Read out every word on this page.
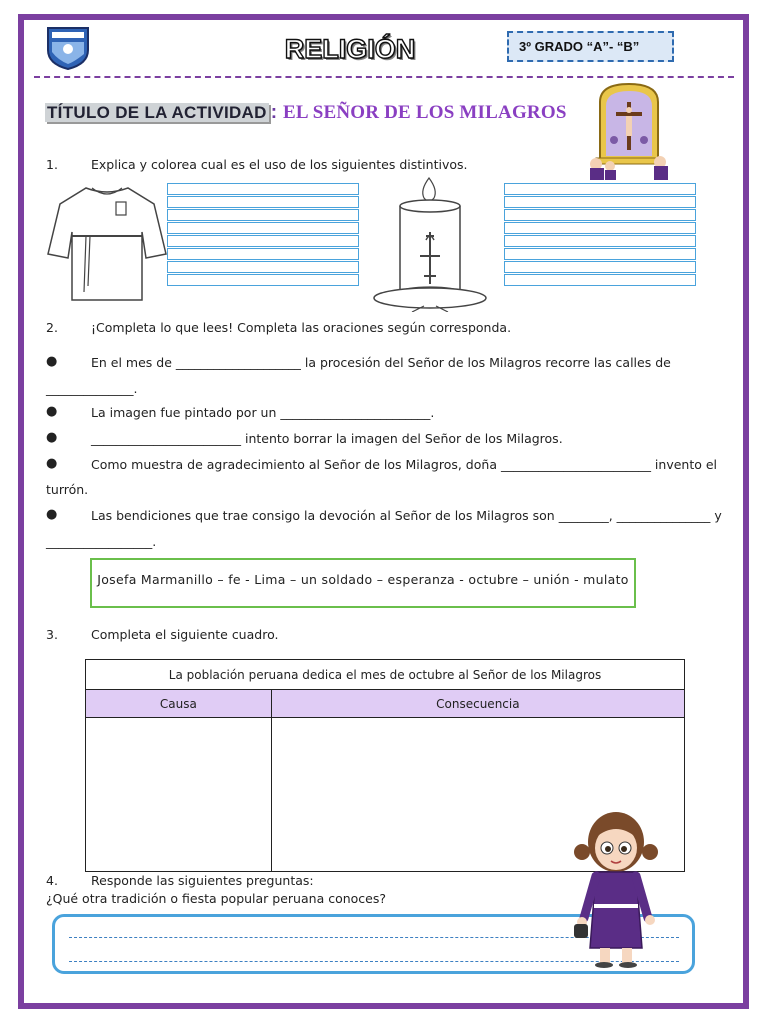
RELIGIÓN	3º GRADO “A”- “B”
TÍTULO DE LA ACTIVIDAD : EL SEÑOR DE LOS MILAGROS
1.	Explica y colorea cual es el uso de los siguientes distintivos.
2.	¡Completa lo que lees! Completa las oraciones según corresponda.
●	En el mes de ____________________ la procesión del Señor de los Milagros recorre las calles de
______________.
●	La imagen fue pintado por un ________________________.
●	________________________ intento borrar la imagen del Señor de los Milagros.
●	Como muestra de agradecimiento al Señor de los Milagros, doña ________________________ invento el
turrón.
●	Las bendiciones que trae consigo la devoción al Señor de los Milagros son ________, _______________ y
_________________.
Josefa Marmanillo – fe - Lima – un soldado – esperanza - octubre – unión - mulato
3.	Completa el siguiente cuadro.
La población peruana dedica el mes de octubre al Señor de los Milagros	
Causa	Consecuencia

4.	Responde las siguientes preguntas:
¿Qué otra tradición o fiesta popular peruana conoces?
